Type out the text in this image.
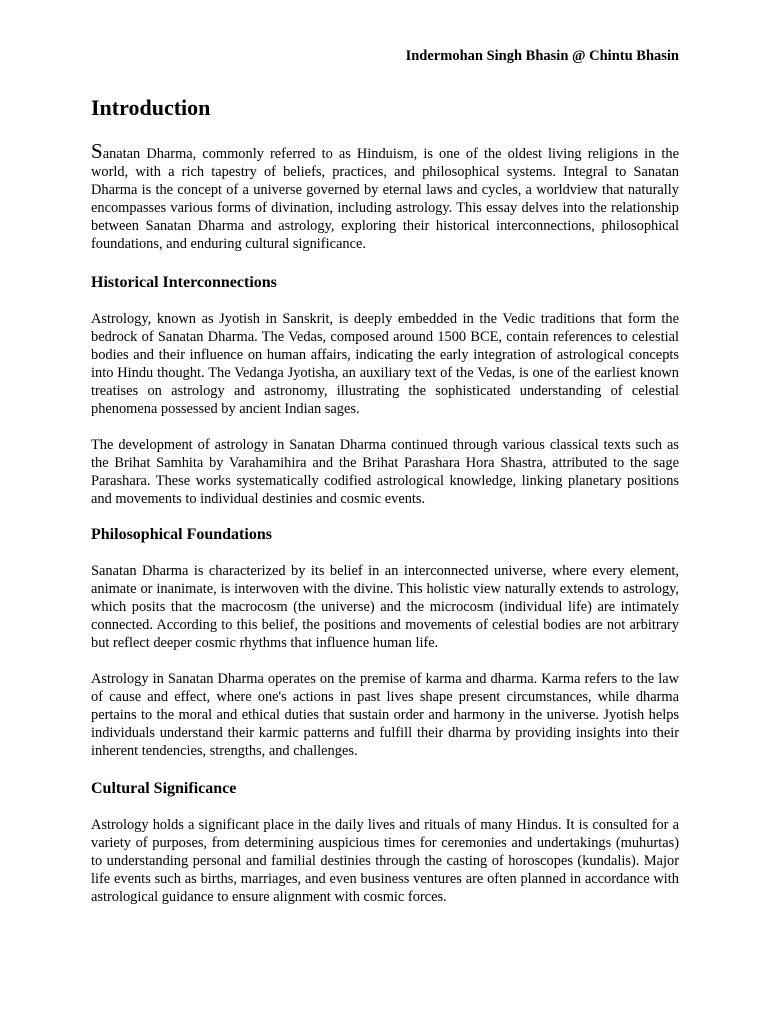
Indermohan Singh Bhasin @ Chintu Bhasin
Introduction

Sanatan Dharma, commonly referred to as Hinduism, is one of the oldest living religions in the world, with a rich tapestry of beliefs, practices, and philosophical systems. Integral to Sanatan Dharma is the concept of a universe governed by eternal laws and cycles, a worldview that naturally encompasses various forms of divination, including astrology. This essay delves into the relationship between Sanatan Dharma and astrology, exploring their historical interconnections, philosophical foundations, and enduring cultural significance.

Historical Interconnections

Astrology, known as Jyotish in Sanskrit, is deeply embedded in the Vedic traditions that form the bedrock of Sanatan Dharma. The Vedas, composed around 1500 BCE, contain references to celestial bodies and their influence on human affairs, indicating the early integration of astrological concepts into Hindu thought. The Vedanga Jyotisha, an auxiliary text of the Vedas, is one of the earliest known treatises on astrology and astronomy, illustrating the sophisticated understanding of celestial phenomena possessed by ancient Indian sages.

The development of astrology in Sanatan Dharma continued through various classical texts such as the Brihat Samhita by Varahamihira and the Brihat Parashara Hora Shastra, attributed to the sage Parashara. These works systematically codified astrological knowledge, linking planetary positions and movements to individual destinies and cosmic events.

Philosophical Foundations

Sanatan Dharma is characterized by its belief in an interconnected universe, where every element, animate or inanimate, is interwoven with the divine. This holistic view naturally extends to astrology, which posits that the macrocosm (the universe) and the microcosm (individual life) are intimately connected. According to this belief, the positions and movements of celestial bodies are not arbitrary but reflect deeper cosmic rhythms that influence human life.

Astrology in Sanatan Dharma operates on the premise of karma and dharma. Karma refers to the law of cause and effect, where one's actions in past lives shape present circumstances, while dharma pertains to the moral and ethical duties that sustain order and harmony in the universe. Jyotish helps individuals understand their karmic patterns and fulfill their dharma by providing insights into their inherent tendencies, strengths, and challenges.

Cultural Significance

Astrology holds a significant place in the daily lives and rituals of many Hindus. It is consulted for a variety of purposes, from determining auspicious times for ceremonies and undertakings (muhurtas) to understanding personal and familial destinies through the casting of horoscopes (kundalis). Major life events such as births, marriages, and even business ventures are often planned in accordance with astrological guidance to ensure alignment with cosmic forces.
